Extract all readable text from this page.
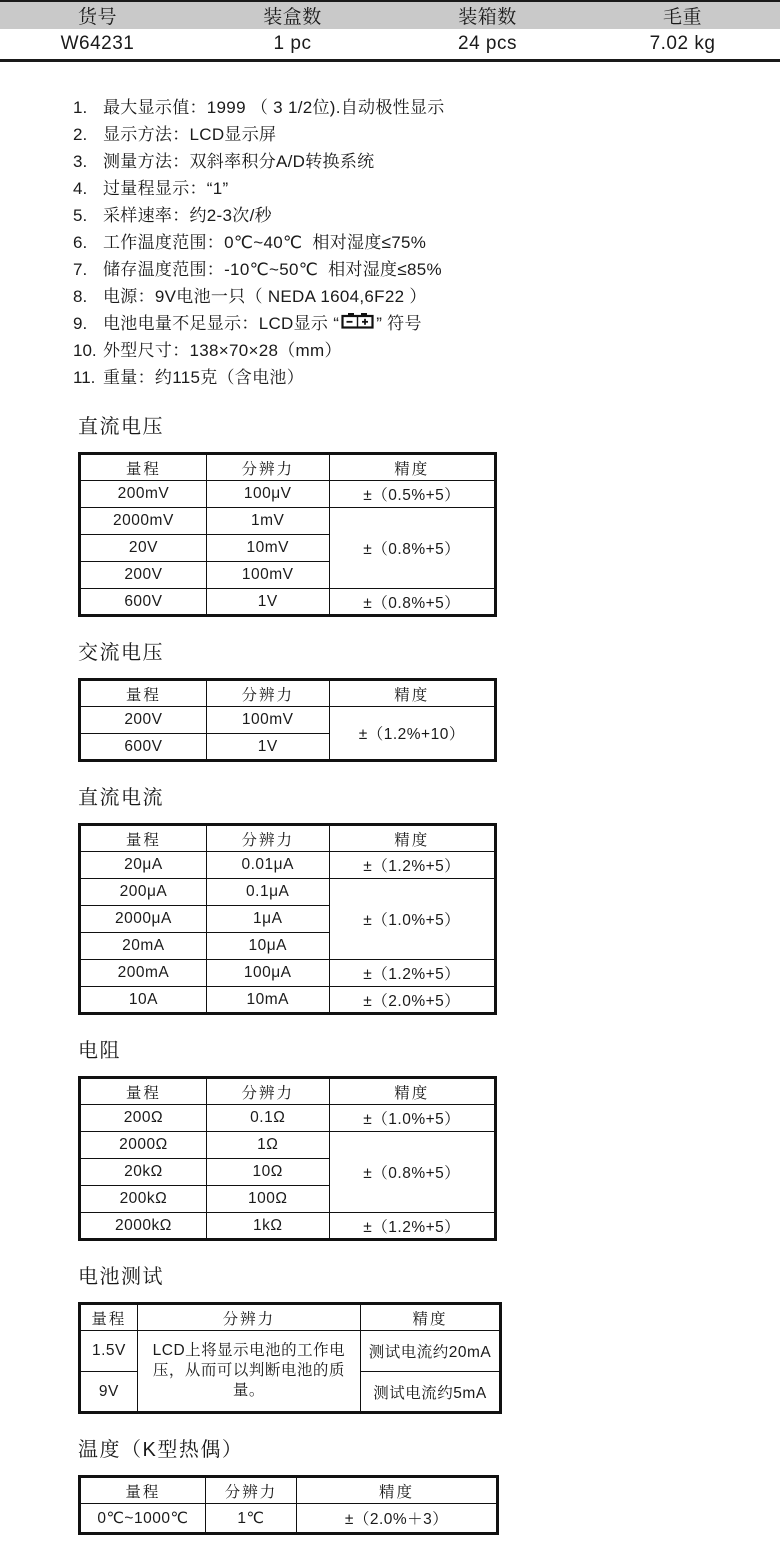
货号	装盒数	装箱数	毛重
W64231	1 pc	24 pcs	7.02 kg
1. 最大显示值：1999 （ 3 1/2位).自动极性显示
2. 显示方法：LCD显示屏
3. 测量方法：双斜率积分A/D转换系统
4. 过量程显示：“1”
5. 采样速率：约2-3次/秒
6. 工作温度范围：0℃~40℃  相对湿度≤75%
7. 储存温度范围：-10℃~50℃  相对湿度≤85%
8. 电源：9V电池一只（ NEDA 1604,6F22 ）
9. 电池电量不足显示：LCD显示 “ ” 符号
10. 外型尺寸：138×70×28（mm）
11. 重量：约115克（含电池）
直流电压
量程	分辨力	精度
200mV	100μV	±（0.5%+5）
2000mV	1mV	±（0.8%+5）
20V	10mV	
200V	100mV	
600V	1V	±（0.8%+5）
交流电压
量程	分辨力	精度
200V	100mV	±（1.2%+10）
600V	1V	
直流电流
量程	分辨力	精度
20μA	0.01μA	±（1.2%+5）
200μA	0.1μA	±（1.0%+5）
2000μA	1μA	
20mA	10μA	
200mA	100μA	±（1.2%+5）
10A	10mA	±（2.0%+5）
电阻
量程	分辨力	精度
200Ω	0.1Ω	±（1.0%+5）
2000Ω	1Ω	±（0.8%+5）
20kΩ	10Ω	
200kΩ	100Ω	
2000kΩ	1kΩ	±（1.2%+5）
电池测试
量程	分辨力	精度
1.5V	LCD上将显示电池的工作电压，从而可以判断电池的质量。	测试电流约20mA
9V		测试电流约5mA
温度（K型热偶）
量程	分辨力	精度
0℃~1000℃	1℃	±（2.0%＋3）
